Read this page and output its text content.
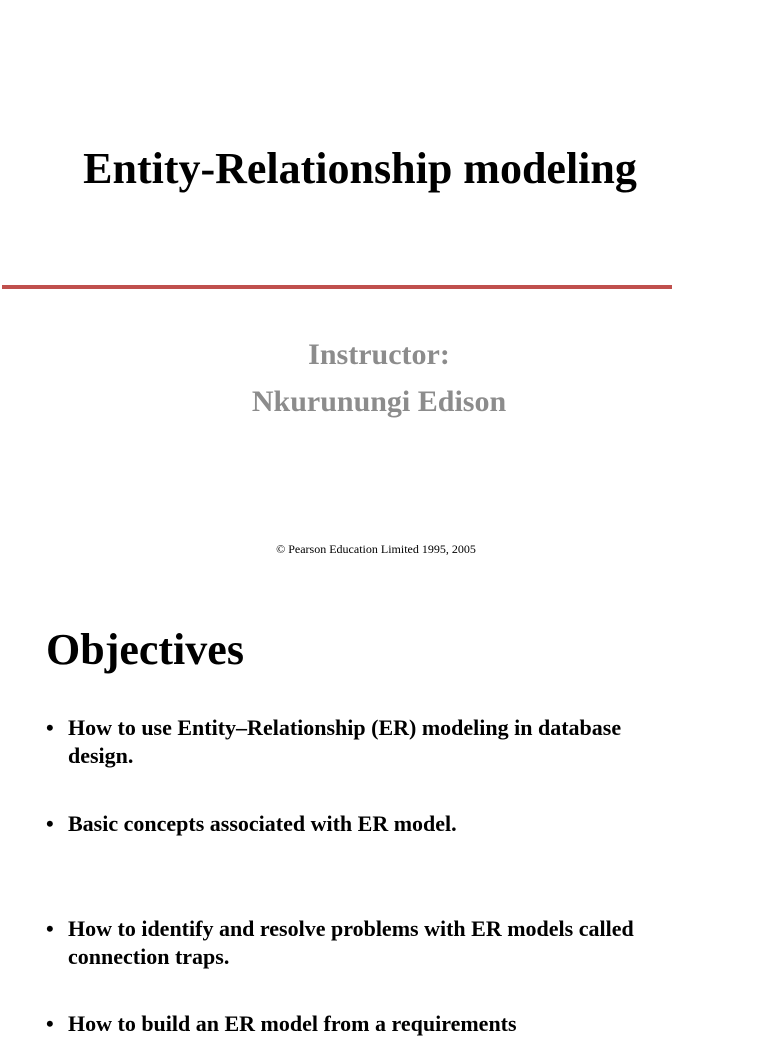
Entity-Relationship modeling
Instructor:
Nkurunungi Edison
© Pearson Education Limited 1995, 2005
Objectives
• How to use Entity–Relationship (ER) modeling in database design.
• Basic concepts associated with ER model.
• How to identify and resolve problems with ER models called connection traps.
• How to build an ER model from a requirements
